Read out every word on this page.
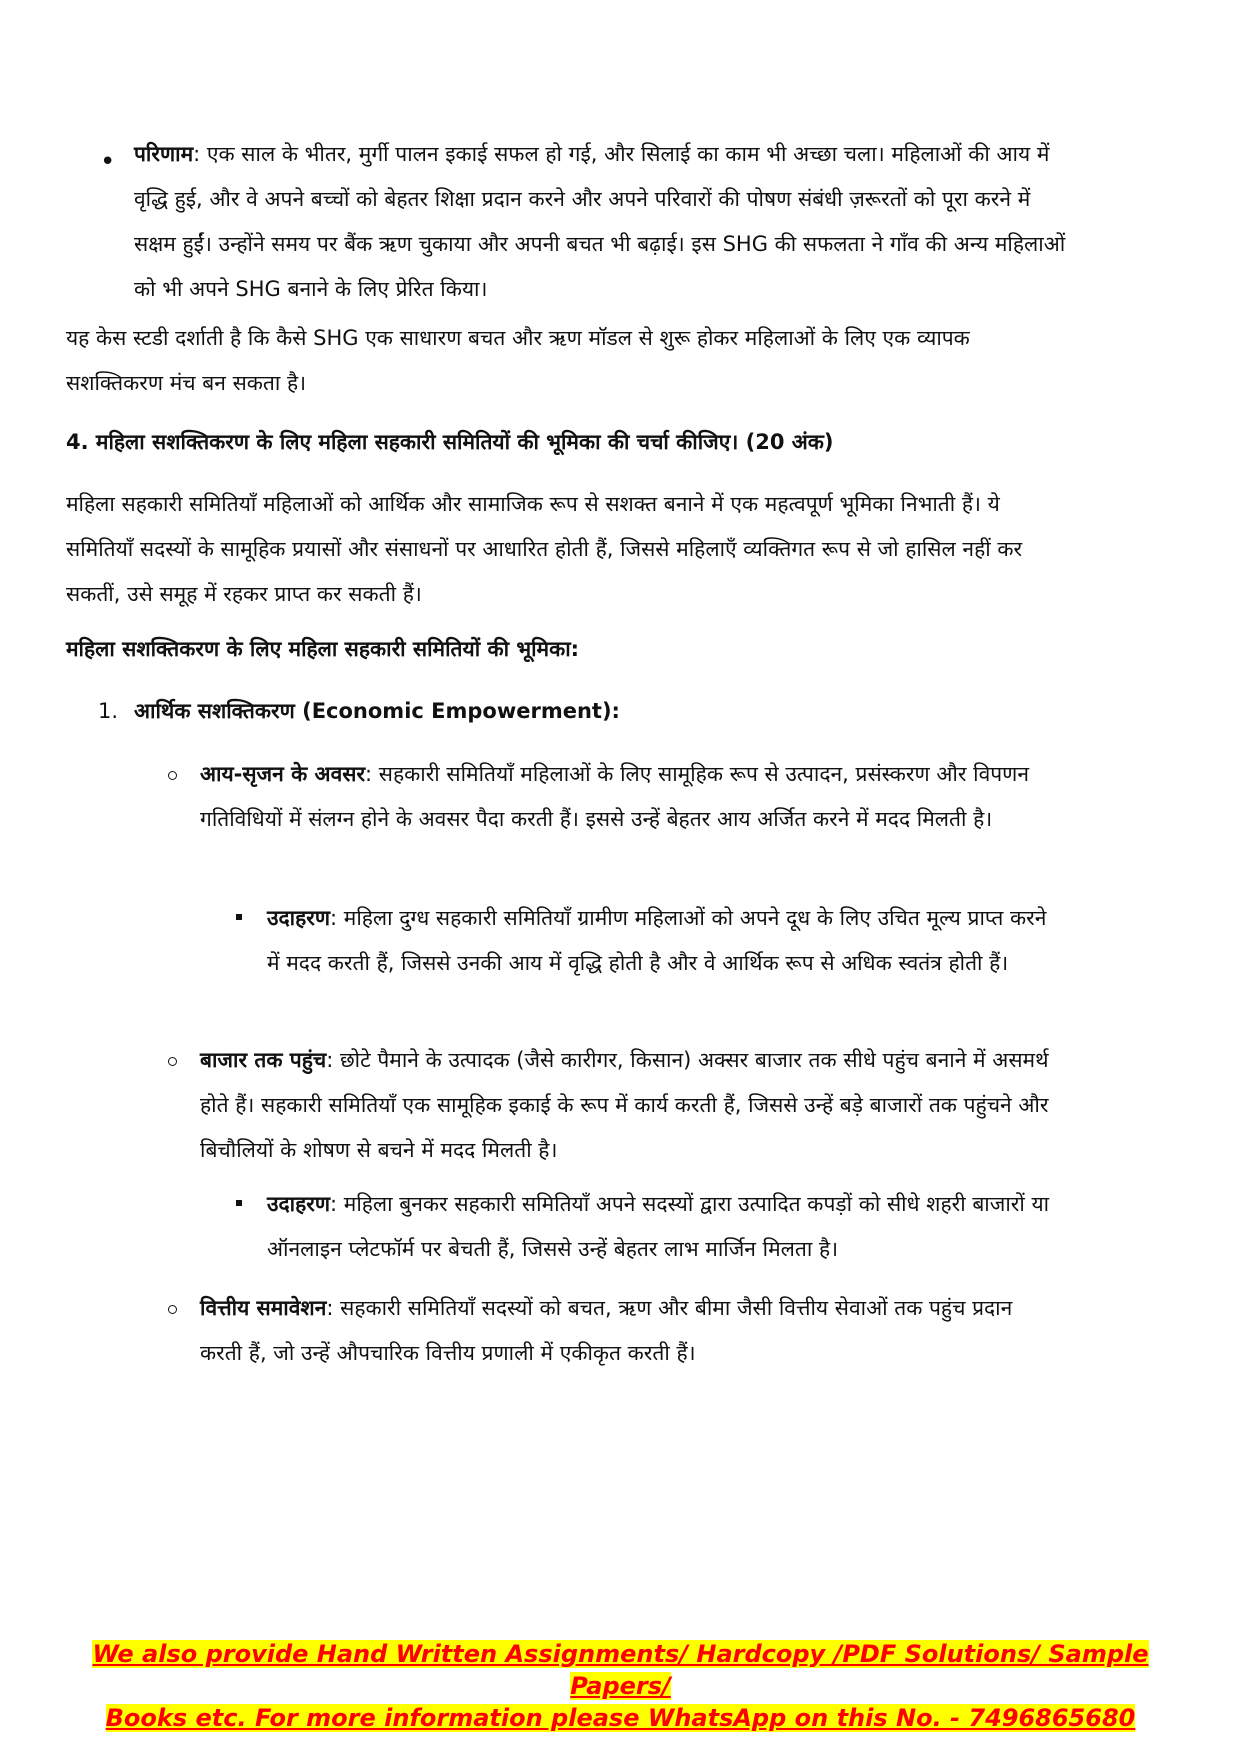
• परिणाम: एक साल के भीतर, मुर्गी पालन इकाई सफल हो गई, और सिलाई का काम भी अच्छा चला। महिलाओं की आय में वृद्धि हुई, और वे अपने बच्चों को बेहतर शिक्षा प्रदान करने और अपने परिवारों की पोषण संबंधी ज़रूरतों को पूरा करने में सक्षम हुईं। उन्होंने समय पर बैंक ऋण चुकाया और अपनी बचत भी बढ़ाई। इस SHG की सफलता ने गाँव की अन्य महिलाओं को भी अपने SHG बनाने के लिए प्रेरित किया।
यह केस स्टडी दर्शाती है कि कैसे SHG एक साधारण बचत और ऋण मॉडल से शुरू होकर महिलाओं के लिए एक व्यापक सशक्तिकरण मंच बन सकता है।
4. महिला सशक्तिकरण के लिए महिला सहकारी समितियों की भूमिका की चर्चा कीजिए। (20 अंक)
महिला सहकारी समितियाँ महिलाओं को आर्थिक और सामाजिक रूप से सशक्त बनाने में एक महत्वपूर्ण भूमिका निभाती हैं। ये समितियाँ सदस्यों के सामूहिक प्रयासों और संसाधनों पर आधारित होती हैं, जिससे महिलाएँ व्यक्तिगत रूप से जो हासिल नहीं कर सकतीं, उसे समूह में रहकर प्राप्त कर सकती हैं।
महिला सशक्तिकरण के लिए महिला सहकारी समितियों की भूमिका:
1. आर्थिक सशक्तिकरण (Economic Empowerment):
आय-सृजन के अवसर: सहकारी समितियाँ महिलाओं के लिए सामूहिक रूप से उत्पादन, प्रसंस्करण और विपणन गतिविधियों में संलग्न होने के अवसर पैदा करती हैं। इससे उन्हें बेहतर आय अर्जित करने में मदद मिलती है।
उदाहरण: महिला दुग्ध सहकारी समितियाँ ग्रामीण महिलाओं को अपने दूध के लिए उचित मूल्य प्राप्त करने में मदद करती हैं, जिससे उनकी आय में वृद्धि होती है और वे आर्थिक रूप से अधिक स्वतंत्र होती हैं।
बाजार तक पहुंच: छोटे पैमाने के उत्पादक (जैसे कारीगर, किसान) अक्सर बाजार तक सीधे पहुंच बनाने में असमर्थ होते हैं। सहकारी समितियाँ एक सामूहिक इकाई के रूप में कार्य करती हैं, जिससे उन्हें बड़े बाजारों तक पहुंचने और बिचौलियों के शोषण से बचने में मदद मिलती है।
उदाहरण: महिला बुनकर सहकारी समितियाँ अपने सदस्यों द्वारा उत्पादित कपड़ों को सीधे शहरी बाजारों या ऑनलाइन प्लेटफॉर्म पर बेचती हैं, जिससे उन्हें बेहतर लाभ मार्जिन मिलता है।
वित्तीय समावेशन: सहकारी समितियाँ सदस्यों को बचत, ऋण और बीमा जैसी वित्तीय सेवाओं तक पहुंच प्रदान करती हैं, जो उन्हें औपचारिक वित्तीय प्रणाली में एकीकृत करती हैं।
We also provide Hand Written Assignments/ Hardcopy /PDF Solutions/ Sample Papers/
Books etc. For more information please WhatsApp on this No. - 7496865680
